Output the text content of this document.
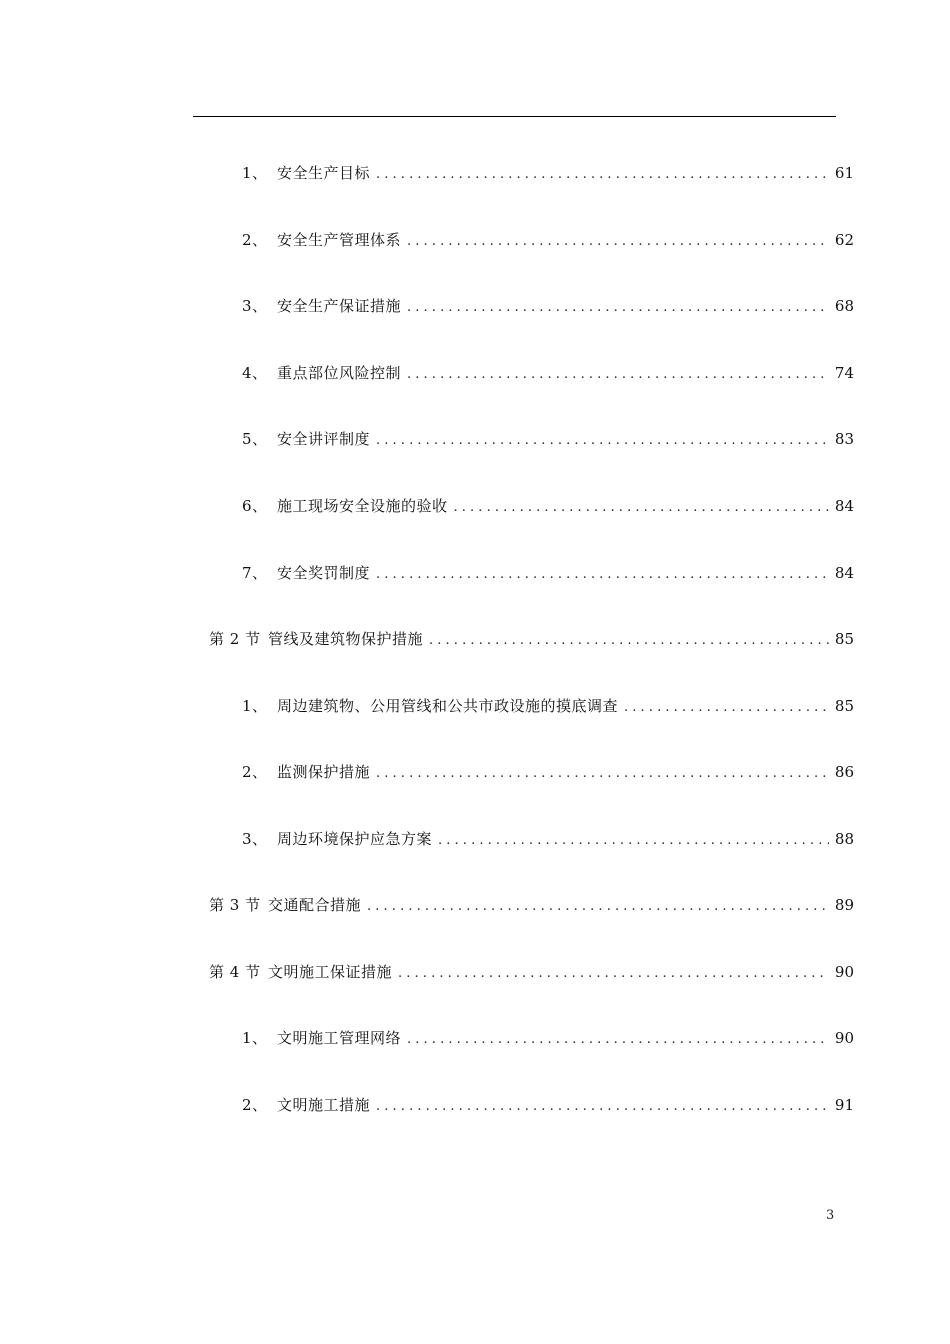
1、 安全生产目标 . . .	61
2、 安全生产管理体系 . . .	62
3、 安全生产保证措施 . . .	68
4、 重点部位风险控制 . . .	74
5、 安全讲评制度 . . .	83
6、 施工现场安全设施的验收 . . .	84
7、 安全奖罚制度 . . .	84
第 2 节 管线及建筑物保护措施 . . .	85
1、 周边建筑物、公用管线和公共市政设施的摸底调查 . . .	85
2、 监测保护措施 . . .	86
3、 周边环境保护应急方案 . . .	88
第 3 节 交通配合措施 . . .	89
第 4 节 文明施工保证措施 . . .	90
1、 文明施工管理网络 . . .	90
2、 文明施工措施 . . .	91
3
